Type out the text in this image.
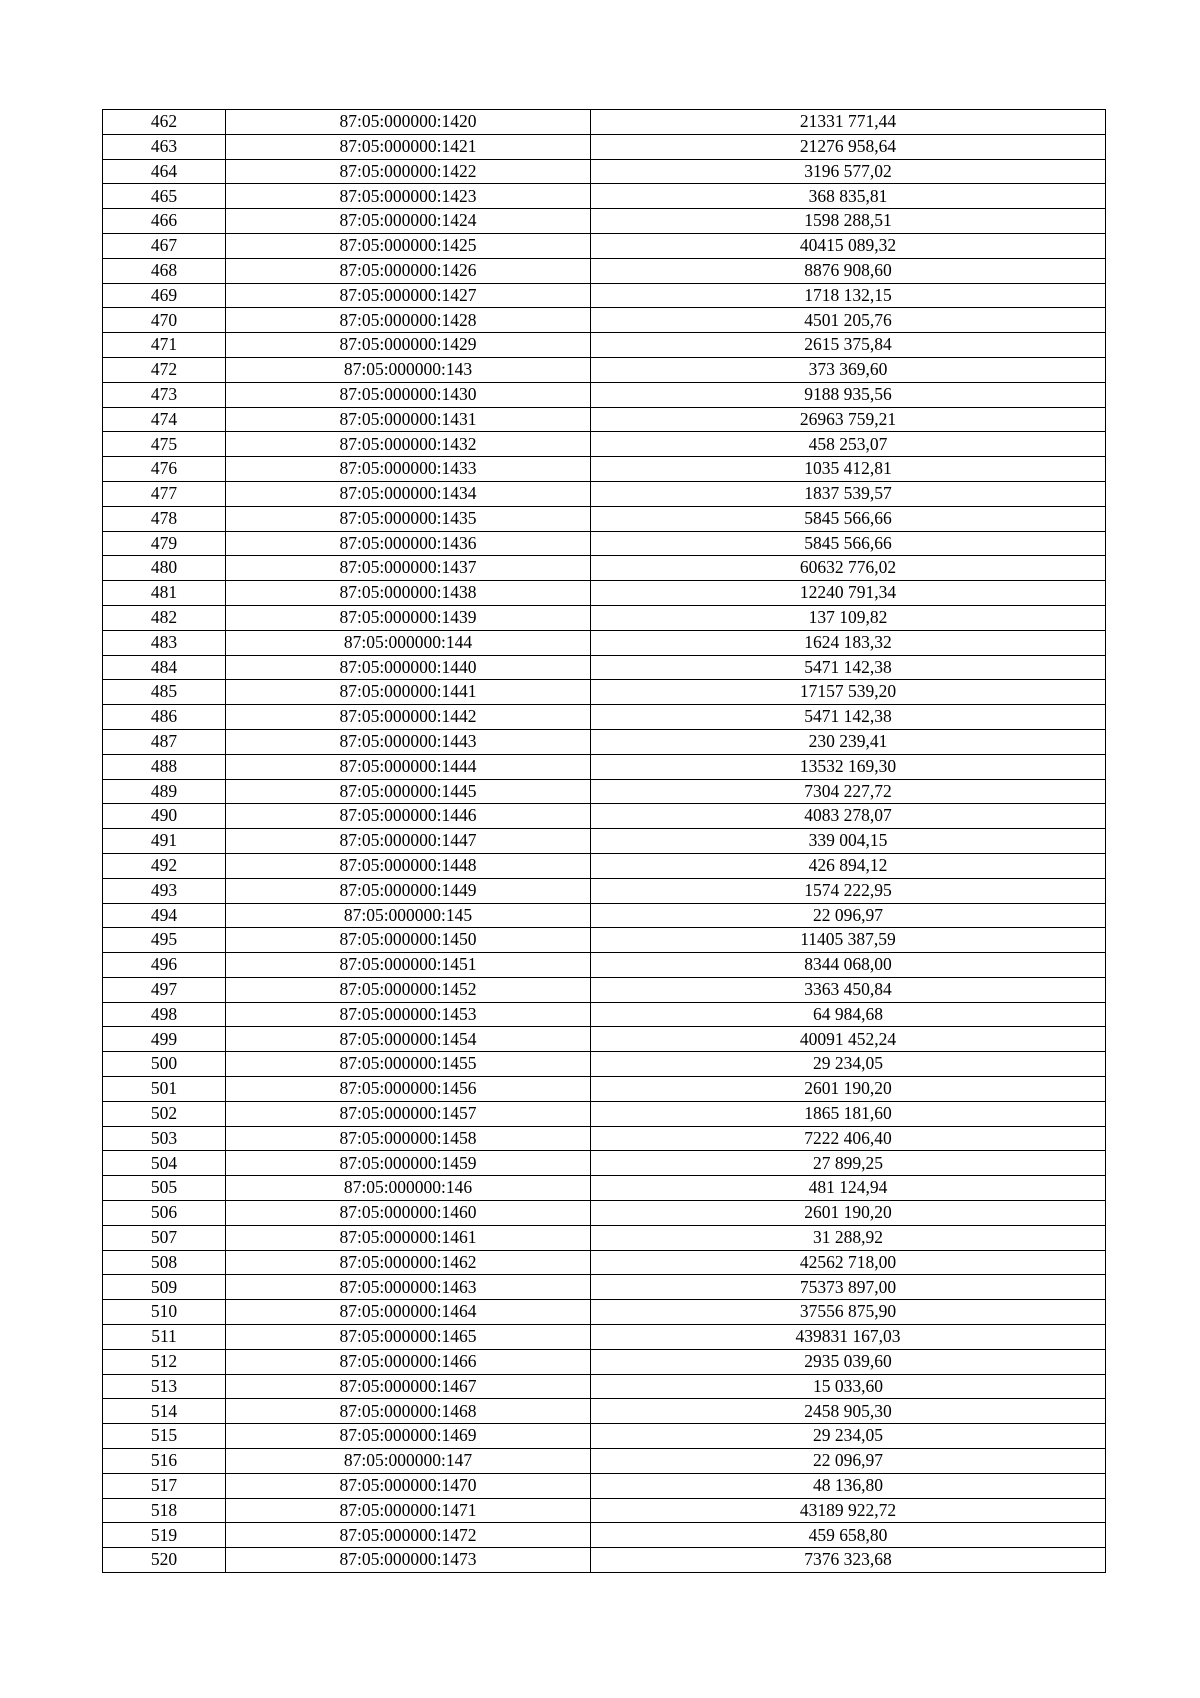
462	87:05:000000:1420	21331 771,44
463	87:05:000000:1421	21276 958,64
464	87:05:000000:1422	3196 577,02
465	87:05:000000:1423	368 835,81
466	87:05:000000:1424	1598 288,51
467	87:05:000000:1425	40415 089,32
468	87:05:000000:1426	8876 908,60
469	87:05:000000:1427	1718 132,15
470	87:05:000000:1428	4501 205,76
471	87:05:000000:1429	2615 375,84
472	87:05:000000:143	373 369,60
473	87:05:000000:1430	9188 935,56
474	87:05:000000:1431	26963 759,21
475	87:05:000000:1432	458 253,07
476	87:05:000000:1433	1035 412,81
477	87:05:000000:1434	1837 539,57
478	87:05:000000:1435	5845 566,66
479	87:05:000000:1436	5845 566,66
480	87:05:000000:1437	60632 776,02
481	87:05:000000:1438	12240 791,34
482	87:05:000000:1439	137 109,82
483	87:05:000000:144	1624 183,32
484	87:05:000000:1440	5471 142,38
485	87:05:000000:1441	17157 539,20
486	87:05:000000:1442	5471 142,38
487	87:05:000000:1443	230 239,41
488	87:05:000000:1444	13532 169,30
489	87:05:000000:1445	7304 227,72
490	87:05:000000:1446	4083 278,07
491	87:05:000000:1447	339 004,15
492	87:05:000000:1448	426 894,12
493	87:05:000000:1449	1574 222,95
494	87:05:000000:145	22 096,97
495	87:05:000000:1450	11405 387,59
496	87:05:000000:1451	8344 068,00
497	87:05:000000:1452	3363 450,84
498	87:05:000000:1453	64 984,68
499	87:05:000000:1454	40091 452,24
500	87:05:000000:1455	29 234,05
501	87:05:000000:1456	2601 190,20
502	87:05:000000:1457	1865 181,60
503	87:05:000000:1458	7222 406,40
504	87:05:000000:1459	27 899,25
505	87:05:000000:146	481 124,94
506	87:05:000000:1460	2601 190,20
507	87:05:000000:1461	31 288,92
508	87:05:000000:1462	42562 718,00
509	87:05:000000:1463	75373 897,00
510	87:05:000000:1464	37556 875,90
511	87:05:000000:1465	439831 167,03
512	87:05:000000:1466	2935 039,60
513	87:05:000000:1467	15 033,60
514	87:05:000000:1468	2458 905,30
515	87:05:000000:1469	29 234,05
516	87:05:000000:147	22 096,97
517	87:05:000000:1470	48 136,80
518	87:05:000000:1471	43189 922,72
519	87:05:000000:1472	459 658,80
520	87:05:000000:1473	7376 323,68
